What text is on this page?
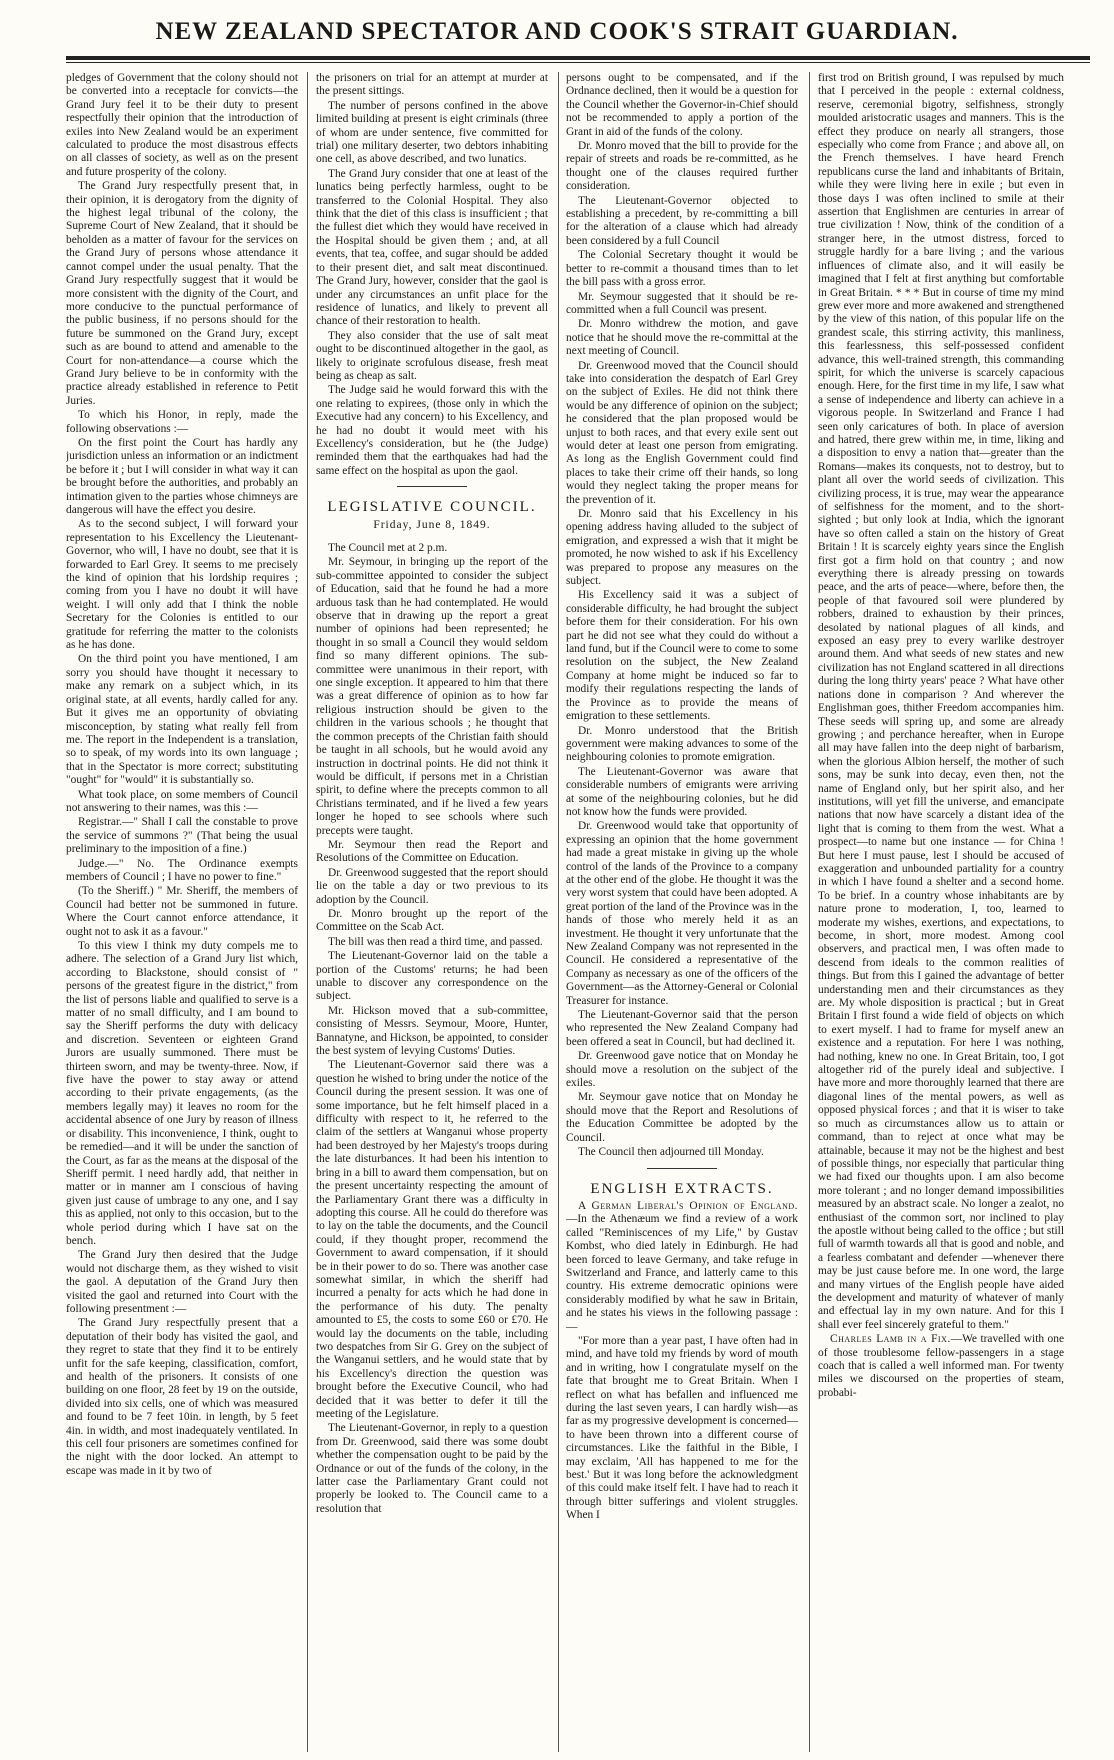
NEW ZEALAND SPECTATOR AND COOK'S STRAIT GUARDIAN.

pledges of Government that the colony should not be converted into a receptacle for convicts—the Grand Jury feel it to be their duty to present respectfully their opinion that the introduction of exiles into New Zealand would be an experiment calculated to produce the most disastrous effects on all classes of society, as well as on the present and future prosperity of the colony.

The Grand Jury respectfully present that, in their opinion, it is derogatory from the dignity of the highest legal tribunal of the colony, the Supreme Court of New Zealand, that it should be beholden as a matter of favour for the services on the Grand Jury of persons whose attendance it cannot compel under the usual penalty. That the Grand Jury respectfully suggest that it would be more consistent with the dignity of the Court, and more conducive to the punctual performance of the public business, if no persons should for the future be summoned on the Grand Jury, except such as are bound to attend and amenable to the Court for non-attendance—a course which the Grand Jury believe to be in conformity with the practice already established in reference to Petit Juries.

To which his Honor, in reply, made the following observations :—

On the first point the Court has hardly any jurisdiction unless an information or an indictment be before it ; but I will consider in what way it can be brought before the authorities, and probably an intimation given to the parties whose chimneys are dangerous will have the effect you desire.

As to the second subject, I will forward your representation to his Excellency the Lieutenant-Governor, who will, I have no doubt, see that it is forwarded to Earl Grey. It seems to me precisely the kind of opinion that his lordship requires ; coming from you I have no doubt it will have weight. I will only add that I think the noble Secretary for the Colonies is entitled to our gratitude for referring the matter to the colonists as he has done.

On the third point you have mentioned, I am sorry you should have thought it necessary to make any remark on a subject which, in its original state, at all events, hardly called for any. But it gives me an opportunity of obviating misconception, by stating what really fell from me. The report in the Independent is a translation, so to speak, of my words into its own language ; that in the Spectator is more correct; substituting "ought" for "would" it is substantially so.

What took place, on some members of Council not answering to their names, was this :—

Registrar.—" Shall I call the constable to prove the service of summons ?" (That being the usual preliminary to the imposition of a fine.)

Judge.—" No. The Ordinance exempts members of Council ; I have no power to fine."

(To the Sheriff.) " Mr. Sheriff, the members of Council had better not be summoned in future. Where the Court cannot enforce attendance, it ought not to ask it as a favour."

To this view I think my duty compels me to adhere. The selection of a Grand Jury list which, according to Blackstone, should consist of " persons of the greatest figure in the district," from the list of persons liable and qualified to serve is a matter of no small difficulty, and I am bound to say the Sheriff performs the duty with delicacy and discretion. Seventeen or eighteen Grand Jurors are usually summoned. There must be thirteen sworn, and may be twenty-three. Now, if five have the power to stay away or attend according to their private engagements, (as the members legally may) it leaves no room for the accidental absence of one Jury by reason of illness or disability. This inconvenience, I think, ought to be remedied—and it will be under the sanction of the Court, as far as the means at the disposal of the Sheriff permit. I need hardly add, that neither in matter or in manner am I conscious of having given just cause of umbrage to any one, and I say this as applied, not only to this occasion, but to the whole period during which I have sat on the bench.

The Grand Jury then desired that the Judge would not discharge them, as they wished to visit the gaol. A deputation of the Grand Jury then visited the gaol and returned into Court with the following presentment :—

The Grand Jury respectfully present that a deputation of their body has visited the gaol, and they regret to state that they find it to be entirely unfit for the safe keeping, classification, comfort, and health of the prisoners. It consists of one building on one floor, 28 feet by 19 on the outside, divided into six cells, one of which was measured and found to be 7 feet 10in. in length, by 5 feet 4in. in width, and most inadequately ventilated. In this cell four prisoners are sometimes confined for the night with the door locked. An attempt to escape was made in it by two of

the prisoners on trial for an attempt at murder at the present sittings.

The number of persons confined in the above limited building at present is eight criminals (three of whom are under sentence, five committed for trial) one military deserter, two debtors inhabiting one cell, as above described, and two lunatics.

The Grand Jury consider that one at least of the lunatics being perfectly harmless, ought to be transferred to the Colonial Hospital. They also think that the diet of this class is insufficient ; that the fullest diet which they would have received in the Hospital should be given them ; and, at all events, that tea, coffee, and sugar should be added to their present diet, and salt meat discontinued. The Grand Jury, however, consider that the gaol is under any circumstances an unfit place for the residence of lunatics, and likely to prevent all chance of their restoration to health.

They also consider that the use of salt meat ought to be discontinued altogether in the gaol, as likely to originate scrofulous disease, fresh meat being as cheap as salt.

The Judge said he would forward this with the one relating to expirees, (those only in which the Executive had any concern) to his Excellency, and he had no doubt it would meet with his Excellency's consideration, but he (the Judge) reminded them that the earthquakes had had the same effect on the hospital as upon the gaol.

LEGISLATIVE COUNCIL.
Friday, June 8, 1849.

The Council met at 2 p.m.

Mr. Seymour, in bringing up the report of the sub-committee appointed to consider the subject of Education, said that he found he had a more arduous task than he had contemplated. He would observe that in drawing up the report a great number of opinions had been represented; he thought in so small a Council they would seldom find so many different opinions. The sub-committee were unanimous in their report, with one single exception. It appeared to him that there was a great difference of opinion as to how far religious instruction should be given to the children in the various schools ; he thought that the common precepts of the Christian faith should be taught in all schools, but he would avoid any instruction in doctrinal points. He did not think it would be difficult, if persons met in a Christian spirit, to define where the precepts common to all Christians terminated, and if he lived a few years longer he hoped to see schools where such precepts were taught.

Mr. Seymour then read the Report and Resolutions of the Committee on Education.

Dr. Greenwood suggested that the report should lie on the table a day or two previous to its adoption by the Council.

Dr. Monro brought up the report of the Committee on the Scab Act.

The bill was then read a third time, and passed.

The Lieutenant-Governor laid on the table a portion of the Customs' returns; he had been unable to discover any correspondence on the subject.

Mr. Hickson moved that a sub-committee, consisting of Messrs. Seymour, Moore, Hunter, Bannatyne, and Hickson, be appointed, to consider the best system of levying Customs' Duties.

The Lieutenant-Governor said there was a question he wished to bring under the notice of the Council during the present session. It was one of some importance, but he felt himself placed in a difficulty with respect to it, he referred to the claim of the settlers at Wanganui whose property had been destroyed by her Majesty's troops during the late disturbances. It had been his intention to bring in a bill to award them compensation, but on the present uncertainty respecting the amount of the Parliamentary Grant there was a difficulty in adopting this course. All he could do therefore was to lay on the table the documents, and the Council could, if they thought proper, recommend the Government to award compensation, if it should be in their power to do so. There was another case somewhat similar, in which the sheriff had incurred a penalty for acts which he had done in the performance of his duty. The penalty amounted to £5, the costs to some £60 or £70. He would lay the documents on the table, including two despatches from Sir G. Grey on the subject of the Wanganui settlers, and he would state that by his Excellency's direction the question was brought before the Executive Council, who had decided that it was better to defer it till the meeting of the Legislature.

The Lieutenant-Governor, in reply to a question from Dr. Greenwood, said there was some doubt whether the compensation ought to be paid by the Ordnance or out of the funds of the colony, in the latter case the Parliamentary Grant could not properly be looked to. The Council came to a resolution that

persons ought to be compensated, and if the Ordnance declined, then it would be a question for the Council whether the Governor-in-Chief should not be recommended to apply a portion of the Grant in aid of the funds of the colony.

Dr. Monro moved that the bill to provide for the repair of streets and roads be re-committed, as he thought one of the clauses required further consideration.

The Lieutenant-Governor objected to establishing a precedent, by re-committing a bill for the alteration of a clause which had already been considered by a full Council

The Colonial Secretary thought it would be better to re-commit a thousand times than to let the bill pass with a gross error.

Mr. Seymour suggested that it should be re-committed when a full Council was present.

Dr. Monro withdrew the motion, and gave notice that he should move the re-committal at the next meeting of Council.

Dr. Greenwood moved that the Council should take into consideration the despatch of Earl Grey on the subject of Exiles. He did not think there would be any difference of opinion on the subject; he considered that the plan proposed would be unjust to both races, and that every exile sent out would deter at least one person from emigrating. As long as the English Government could find places to take their crime off their hands, so long would they neglect taking the proper means for the prevention of it.

Dr. Monro said that his Excellency in his opening address having alluded to the subject of emigration, and expressed a wish that it might be promoted, he now wished to ask if his Excellency was prepared to propose any measures on the subject.

His Excellency said it was a subject of considerable difficulty, he had brought the subject before them for their consideration. For his own part he did not see what they could do without a land fund, but if the Council were to come to some resolution on the subject, the New Zealand Company at home might be induced so far to modify their regulations respecting the lands of the Province as to provide the means of emigration to these settlements.

Dr. Monro understood that the British government were making advances to some of the neighbouring colonies to promote emigration.

The Lieutenant-Governor was aware that considerable numbers of emigrants were arriving at some of the neighbouring colonies, but he did not know how the funds were provided.

Dr. Greenwood would take that opportunity of expressing an opinion that the home government had made a great mistake in giving up the whole control of the lands of the Province to a company at the other end of the globe. He thought it was the very worst system that could have been adopted. A great portion of the land of the Province was in the hands of those who merely held it as an investment. He thought it very unfortunate that the New Zealand Company was not represented in the Council. He considered a representative of the Company as necessary as one of the officers of the Government—as the Attorney-General or Colonial Treasurer for instance.

The Lieutenant-Governor said that the person who represented the New Zealand Company had been offered a seat in Council, but had declined it.

Dr. Greenwood gave notice that on Monday he should move a resolution on the subject of the exiles.

Mr. Seymour gave notice that on Monday he should move that the Report and Resolutions of the Education Committee be adopted by the Council.

The Council then adjourned till Monday.

ENGLISH EXTRACTS.

A German Liberal's Opinion of England.—In the Athenæum we find a review of a work called "Reminiscences of my Life," by Gustav Kombst, who died lately in Edinburgh. He had been forced to leave Germany, and take refuge in Switzerland and France, and latterly came to this country. His extreme democratic opinions were considerably modified by what he saw in Britain, and he states his views in the following passage :—

"For more than a year past, I have often had in mind, and have told my friends by word of mouth and in writing, how I congratulate myself on the fate that brought me to Great Britain. When I reflect on what has befallen and influenced me during the last seven years, I can hardly wish—as far as my progressive development is concerned—to have been thrown into a different course of circumstances. Like the faithful in the Bible, I may exclaim, 'All has happened to me for the best.' But it was long before the acknowledgment of this could make itself felt. I have had to reach it through bitter sufferings and violent struggles. When I

first trod on British ground, I was repulsed by much that I perceived in the people : external coldness, reserve, ceremonial bigotry, selfishness, strongly moulded aristocratic usages and manners. This is the effect they produce on nearly all strangers, those especially who come from France ; and above all, on the French themselves. I have heard French republicans curse the land and inhabitants of Britain, while they were living here in exile ; but even in those days I was often inclined to smile at their assertion that Englishmen are centuries in arrear of true civilization ! Now, think of the condition of a stranger here, in the utmost distress, forced to struggle hardly for a bare living ; and the various influences of climate also, and it will easily be imagined that I felt at first anything but comfortable in Great Britain. * * * But in course of time my mind grew ever more and more awakened and strengthened by the view of this nation, of this popular life on the grandest scale, this stirring activity, this manliness, this fearlessness, this self-possessed confident advance, this well-trained strength, this commanding spirit, for which the universe is scarcely capacious enough. Here, for the first time in my life, I saw what a sense of independence and liberty can achieve in a vigorous people. In Switzerland and France I had seen only caricatures of both. In place of aversion and hatred, there grew within me, in time, liking and a disposition to envy a nation that—greater than the Romans—makes its conquests, not to destroy, but to plant all over the world seeds of civilization. This civilizing process, it is true, may wear the appearance of selfishness for the moment, and to the short-sighted ; but only look at India, which the ignorant have so often called a stain on the history of Great Britain ! It is scarcely eighty years since the English first got a firm hold on that country ; and now everything there is already pressing on towards peace, and the arts of peace—where, before then, the people of that favoured soil were plundered by robbers, drained to exhaustion by their princes, desolated by national plagues of all kinds, and exposed an easy prey to every warlike destroyer around them. And what seeds of new states and new civilization has not England scattered in all directions during the long thirty years' peace ? What have other nations done in comparison ? And wherever the Englishman goes, thither Freedom accompanies him. These seeds will spring up, and some are already growing ; and perchance hereafter, when in Europe all may have fallen into the deep night of barbarism, when the glorious Albion herself, the mother of such sons, may be sunk into decay, even then, not the name of England only, but her spirit also, and her institutions, will yet fill the universe, and emancipate nations that now have scarcely a distant idea of the light that is coming to them from the west. What a prospect—to name but one instance — for China ! But here I must pause, lest I should be accused of exaggeration and unbounded partiality for a country in which I have found a shelter and a second home. To be brief. In a country whose inhabitants are by nature prone to moderation, I, too, learned to moderate my wishes, exertions, and expectations, to become, in short, more modest. Among cool observers, and practical men, I was often made to descend from ideals to the common realities of things. But from this I gained the advantage of better understanding men and their circumstances as they are. My whole disposition is practical ; but in Great Britain I first found a wide field of objects on which to exert myself. I had to frame for myself anew an existence and a reputation. For here I was nothing, had nothing, knew no one. In Great Britain, too, I got altogether rid of the purely ideal and subjective. I have more and more thoroughly learned that there are diagonal lines of the mental powers, as well as opposed physical forces ; and that it is wiser to take so much as circumstances allow us to attain or command, than to reject at once what may be attainable, because it may not be the highest and best of possible things, nor especially that particular thing we had fixed our thoughts upon. I am also become more tolerant ; and no longer demand impossibilities measured by an abstract scale. No longer a zealot, no enthusiast of the common sort, nor inclined to play the apostle without being called to the office ; but still full of warmth towards all that is good and noble, and a fearless combatant and defender —whenever there may be just cause before me. In one word, the large and many virtues of the English people have aided the development and maturity of whatever of manly and effectual lay in my own nature. And for this I shall ever feel sincerely grateful to them."

Charles Lamb in a Fix.—We travelled with one of those troublesome fellow-passengers in a stage coach that is called a well informed man. For twenty miles we discoursed on the properties of steam, probabi-
